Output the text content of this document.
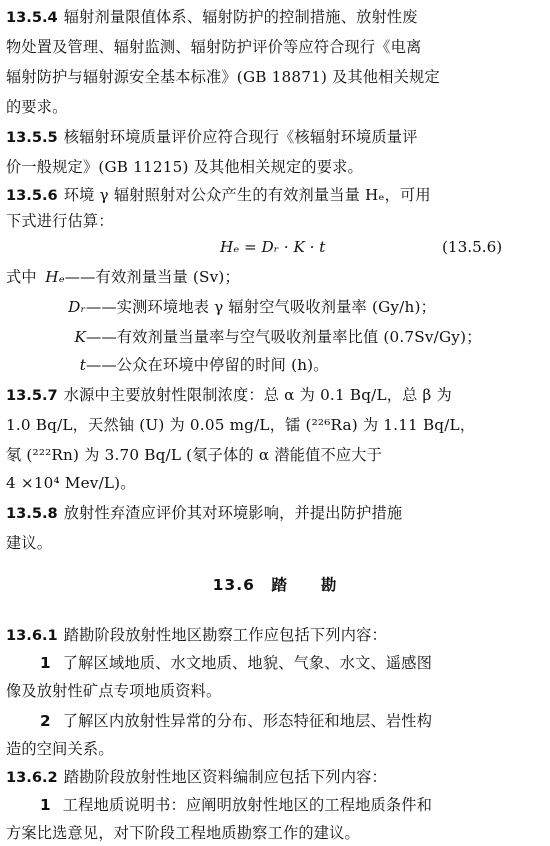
13.5.4 辐射剂量限值体系、辐射防护的控制措施、放射性废
物处置及管理、辐射监测、辐射防护评价等应符合现行《电离
辐射防护与辐射源安全基本标准》(GB 18871) 及其他相关规定
的要求。
13.5.5 核辐射环境质量评价应符合现行《核辐射环境质量评
价一般规定》(GB 11215) 及其他相关规定的要求。
13.5.6 环境 γ 辐射照射对公众产生的有效剂量当量 Hₑ，可用
下式进行估算：
Hₑ = Dᵣ · K · t	(13.5.6)
式中 Hₑ——有效剂量当量 (Sv)；
Dᵣ——实测环境地表 γ 辐射空气吸收剂量率 (Gy/h)；
K——有效剂量当量率与空气吸收剂量率比值 (0.7Sv/Gy)；
t——公众在环境中停留的时间 (h)。
13.5.7 水源中主要放射性限制浓度：总 α 为 0.1 Bq/L，总 β 为
1.0 Bq/L，天然铀 (U) 为 0.05 mg/L，镭 (²²⁶Ra) 为 1.11 Bq/L，
氡 (²²²Rn) 为 3.70 Bq/L (氡子体的 α 潜能值不应大于
4 ×10⁴ Mev/L)。
13.5.8 放射性弃渣应评价其对环境影响，并提出防护措施
建议。
13.6　踏　　勘
13.6.1 踏勘阶段放射性地区勘察工作应包括下列内容：
1 了解区域地质、水文地质、地貌、气象、水文、遥感图
像及放射性矿点专项地质资料。
2 了解区内放射性异常的分布、形态特征和地层、岩性构
造的空间关系。
13.6.2 踏勘阶段放射性地区资料编制应包括下列内容：
1 工程地质说明书：应阐明放射性地区的工程地质条件和
方案比选意见，对下阶段工程地质勘察工作的建议。
